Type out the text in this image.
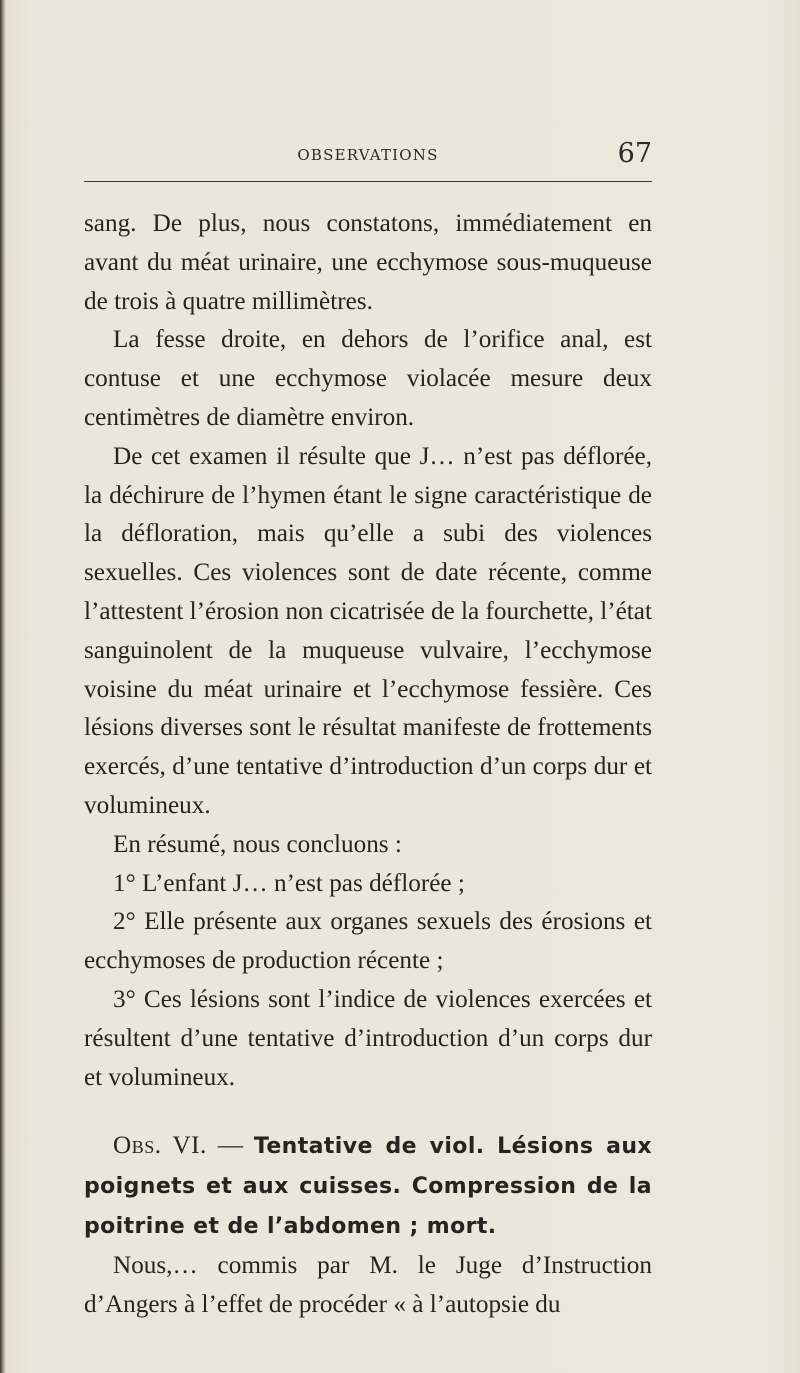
OBSERVATIONS	67

sang. De plus, nous constatons, immédiatement en avant du méat urinaire, une ecchymose sous-muqueuse de trois à quatre millimètres.

La fesse droite, en dehors de l’orifice anal, est contuse et une ecchymose violacée mesure deux centimètres de diamètre environ.

De cet examen il résulte que J… n’est pas déflorée, la déchirure de l’hymen étant le signe caractéristique de la défloration, mais qu’elle a subi des violences sexuelles. Ces violences sont de date récente, comme l’attestent l’érosion non cicatrisée de la fourchette, l’état sanguinolent de la muqueuse vulvaire, l’ecchymose voisine du méat urinaire et l’ecchymose fessière. Ces lésions diverses sont le résultat manifeste de frottements exercés, d’une tentative d’introduction d’un corps dur et volumineux.

En résumé, nous concluons :

1° L’enfant J… n’est pas déflorée ;

2° Elle présente aux organes sexuels des érosions et ecchymoses de production récente ;

3° Ces lésions sont l’indice de violences exercées et résultent d’une tentative d’introduction d’un corps dur et volumineux.

Obs. VI. — Tentative de viol. Lésions aux poignets et aux cuisses. Compression de la poitrine et de l’abdomen ; mort.

Nous,… commis par M. le Juge d’Instruction d’Angers à l’effet de procéder « à l’autopsie du
